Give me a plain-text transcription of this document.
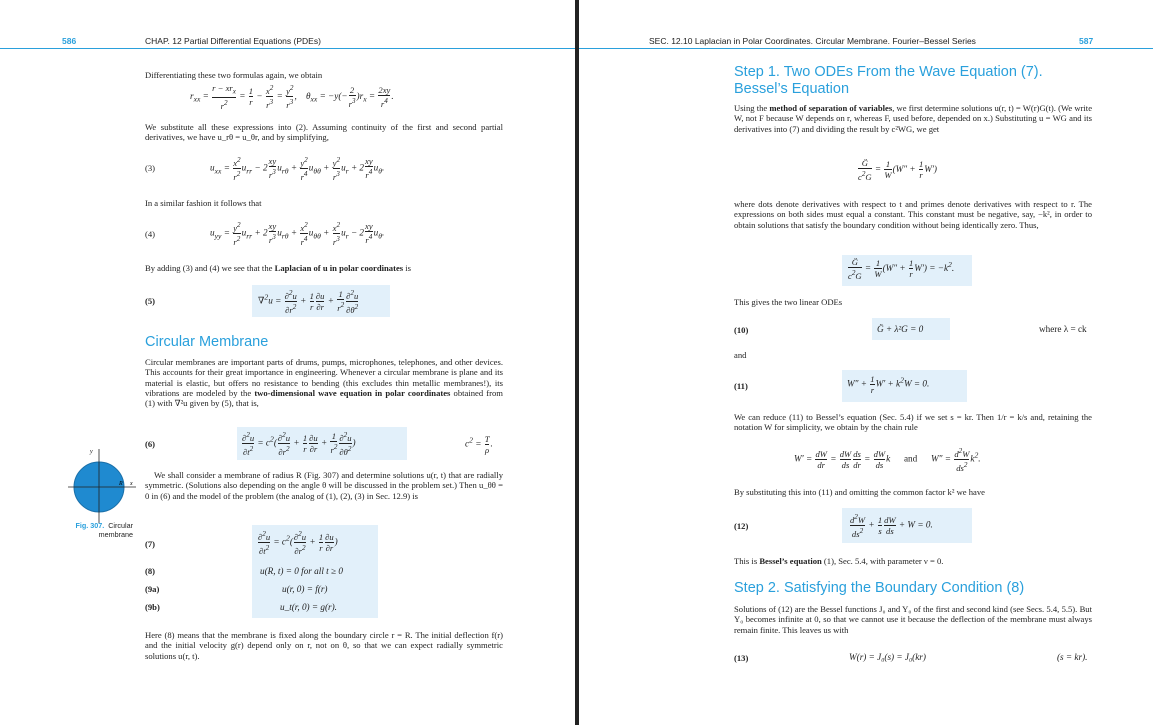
586	CHAP. 12 Partial Differential Equations (PDEs)
Differentiating these two formulas again, we obtain
$r_{xx} = \frac{r - xr_x}{r^2} = \frac{1}{r} - \frac{x^2}{r^3} = \frac{y^2}{r^3}$ ,    $\theta_{xx} = -y(- \frac{2}{r^3} )r_x = \frac{2xy}{r^4}$ .
We substitute all these expressions into (2). Assuming continuity of the first and second partial derivatives, we have u_rθ = u_θr, and by simplifying,
(3)	$u_{xx} = \frac{x^2}{r^2} u_{rr} - 2 \frac{xy}{r^3} u_{r\theta} + \frac{y^2}{r^4} u_{\theta\theta} + \frac{y^2}{r^3} u_r + 2 \frac{xy}{r^4} u_\theta$.
In a similar fashion it follows that
(4)	$u_{yy} = \frac{y^2}{r^2} u_{rr} + 2 \frac{xy}{r^3} u_{r\theta} + \frac{x^2}{r^4} u_{\theta\theta} + \frac{x^2}{r^3} u_r - 2 \frac{xy}{r^4} u_\theta$.
By adding (3) and (4) we see that the Laplacian of u in polar coordinates is
(5)	$\nabla^2u = \frac{\partial^2u}{\partial r^2} + \frac{1}{r} \frac{\partial u}{\partial r} + \frac{1}{r^2} \frac{\partial^2u}{\partial\theta^2}$
Circular Membrane
Circular membranes are important parts of drums, pumps, microphones, telephones, and other devices. This accounts for their great importance in engineering. Whenever a circular membrane is plane and its material is elastic, but offers no resistance to bending (this excludes thin metallic membranes!), its vibrations are modeled by the two-dimensional wave equation in polar coordinates obtained from (1) with ∇²u given by (5), that is,
(6)	$\frac{\partial^2u}{\partial t^2} = c^2( \frac{\partial^2u}{\partial r^2} + \frac{1}{r} \frac{\partial u}{\partial r} + \frac{1}{r^2} \frac{\partial^2u}{\partial\theta^2}$ )	$c^2 = \frac{T}{\rho}$ .
y
x
R
Fig. 307. Circular membrane
We shall consider a membrane of radius R (Fig. 307) and determine solutions u(r, t) that are radially symmetric. (Solutions also depending on the angle θ will be discussed in the problem set.) Then u_θθ = 0 in (6) and the model of the problem (the analog of (1), (2), (3) in Sec. 12.9) is
(7)	$\frac{\partial^2u}{\partial t^2} = c^2( \frac{\partial^2u}{\partial r^2} + \frac{1}{r} \frac{\partial u}{\partial r}$ )
(8)	u(R, t) = 0 for all t ≥ 0
(9a)	u(r, 0) = f(r)
(9b)	u_t(r, 0) = g(r).
Here (8) means that the membrane is fixed along the boundary circle r = R. The initial deflection f(r) and the initial velocity g(r) depend only on r, not on θ, so that we can expect radially symmetric solutions u(r, t).
SEC. 12.10 Laplacian in Polar Coordinates. Circular Membrane. Fourier–Bessel Series	587
Step 1. Two ODEs From the Wave Equation (7). Bessel’s Equation
Using the method of separation of variables, we first determine solutions u(r, t) = W(r)G(t). (We write W, not F because W depends on r, whereas F, used before, depended on x.) Substituting u = WG and its derivatives into (7) and dividing the result by c²WG, we get
$\frac{G̈}{c^2G} = \frac{1}{W} (W'' + \frac{1}{r} W')$
where dots denote derivatives with respect to t and primes denote derivatives with respect to r. The expressions on both sides must equal a constant. This constant must be negative, say, −k², in order to obtain solutions that satisfy the boundary condition without being identically zero. Thus,
$\frac{G̈}{c^2G} = \frac{1}{W} (W'' + \frac{1}{r} W') = -k^2$.
This gives the two linear ODEs
(10)	G̈ + λ²G = 0	where λ = ck
and
(11)	$W'' + \frac{1}{r} W' + k^2W = 0$.
We can reduce (11) to Bessel’s equation (Sec. 5.4) if we set s = kr. Then 1/r = k/s and, retaining the notation W for simplicity, we obtain by the chain rule
$W' = \frac{dW}{dr} = \frac{dW}{ds} \frac{ds}{dr} = \frac{dW}{ds}$ k      and      $W'' = \frac{d^2W}{ds^2} k^2$.
By substituting this into (11) and omitting the common factor k² we have
(12)	$\frac{d^2W}{ds^2} + \frac{1}{s} \frac{dW}{ds} + W = 0$.
This is Bessel’s equation (1), Sec. 5.4, with parameter ν = 0.
Step 2. Satisfying the Boundary Condition (8)
Solutions of (12) are the Bessel functions J₀ and Y₀ of the first and second kind (see Secs. 5.4, 5.5). But Y₀ becomes infinite at 0, so that we cannot use it because the deflection of the membrane must always remain finite. This leaves us with
(13)	W(r) = J₀(s) = J₀(kr)	(s = kr).
